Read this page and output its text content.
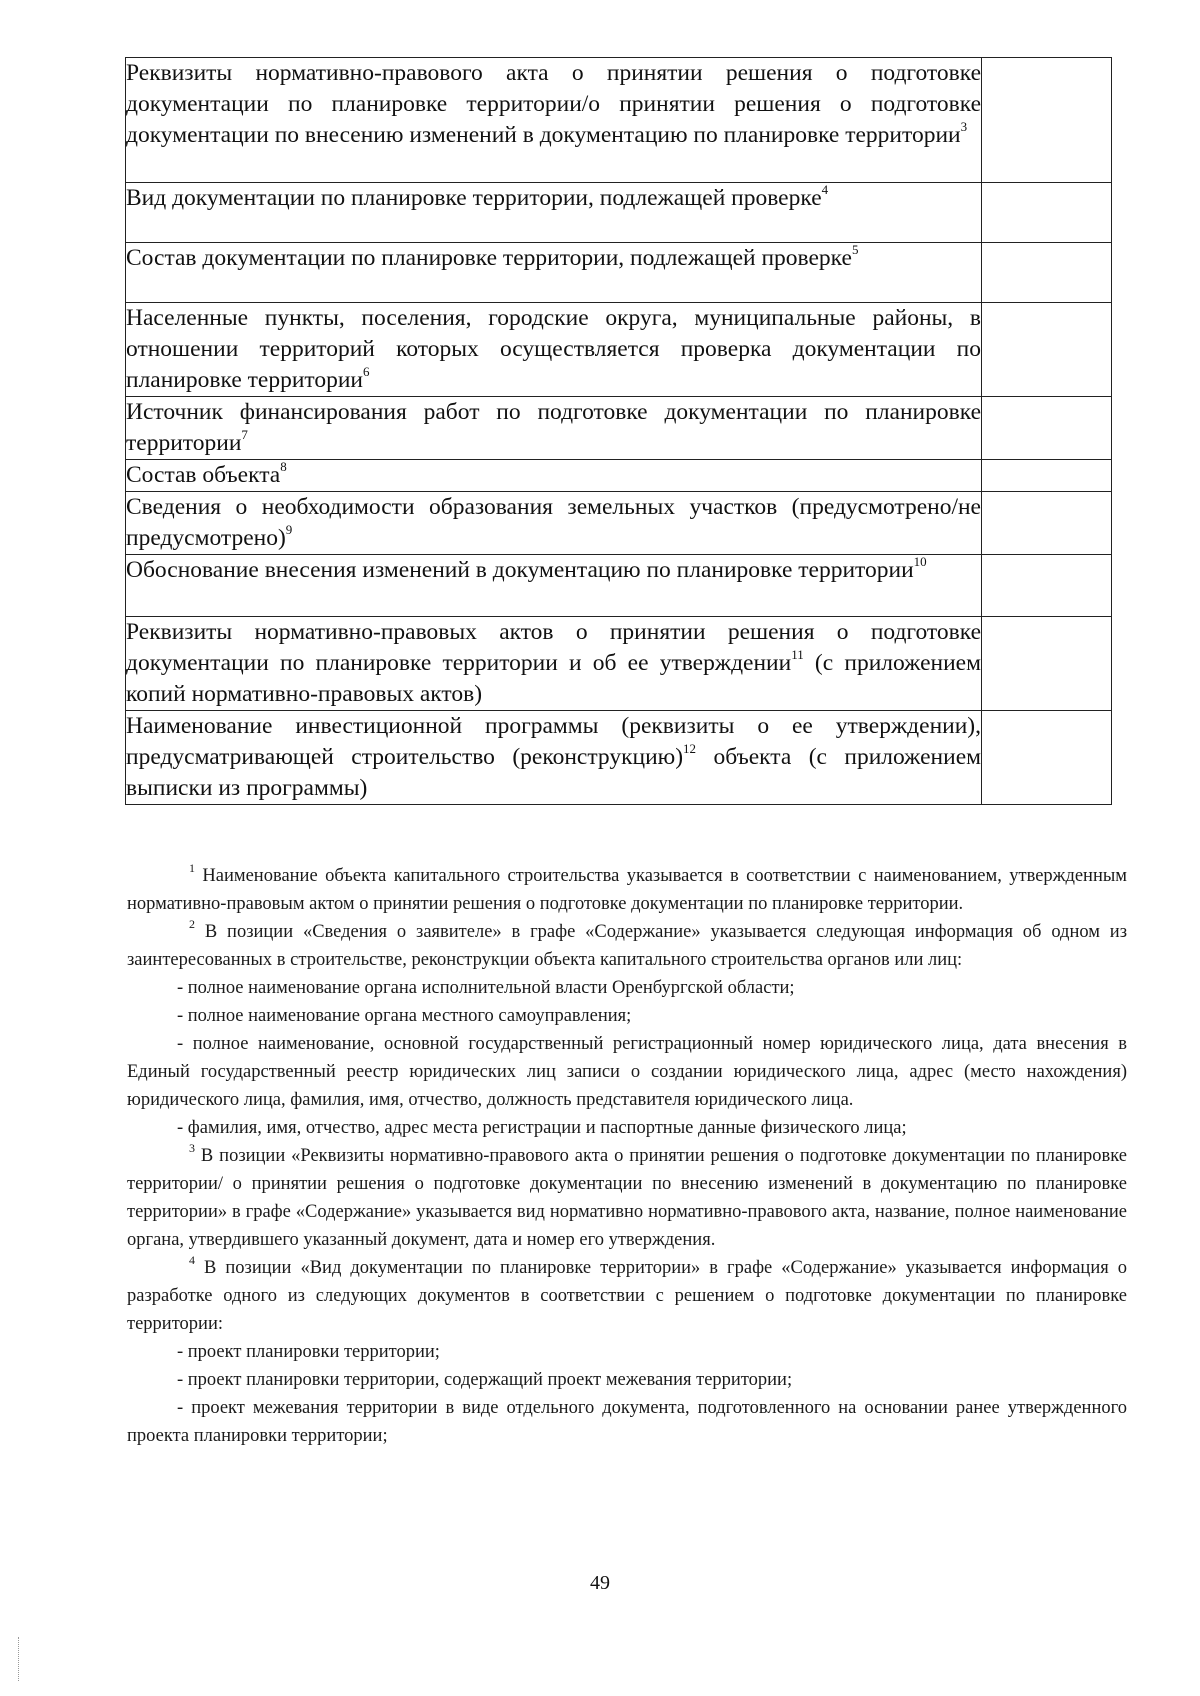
Реквизиты нормативно-правового акта о принятии решения о подготовке документации по планировке территории/о принятии решения о подготовке документации по внесению изменений в документацию по планировке территории$^3$	
Вид документации по планировке территории, подлежащей проверке$^4$	
Состав документации по планировке территории, подлежащей проверке$^5$	
Населенные пункты, поселения, городские округа, муниципальные районы, в отношении территорий которых осуществляется проверка документации по планировке территории$^6$	
Источник финансирования работ по подготовке документации по планировке территории$^7$	
Состав объекта$^8$	
Сведения о необходимости образования земельных участков (предусмотрено/не предусмотрено)$^9$	
Обоснование внесения изменений в документацию по планировке территории$^{10}$	
Реквизиты нормативно-правовых актов о принятии решения о подготовке документации по планировке территории и об ее утверждении$^{11}$ (с приложением копий нормативно-правовых актов)	
Наименование инвестиционной программы (реквизиты о ее утверждении), предусматривающей строительство (реконструкцию)$^{12}$ объекта (с приложением выписки из программы)	

$^1$ Наименование объекта капитального строительства указывается в соответствии с наименованием, утвержденным нормативно-правовым актом о принятии решения о подготовке документации по планировке территории.

$^2$ В позиции «Сведения о заявителе» в графе «Содержание» указывается следующая информация об одном из заинтересованных в строительстве, реконструкции объекта капитального строительства органов или лиц:

- полное наименование органа исполнительной власти Оренбургской области;

- полное наименование органа местного самоуправления;

- полное наименование, основной государственный регистрационный номер юридического лица, дата внесения в Единый государственный реестр юридических лиц записи о создании юридического лица, адрес (место нахождения) юридического лица, фамилия, имя, отчество, должность представителя юридического лица.

- фамилия, имя, отчество, адрес места регистрации и паспортные данные физического лица;

$^3$ В позиции «Реквизиты нормативно-правового акта о принятии решения о подготовке документации по планировке территории/ о принятии решения о подготовке документации по внесению изменений в документацию по планировке территории» в графе «Содержание» указывается вид нормативно нормативно-правового акта, название, полное наименование органа, утвердившего указанный документ, дата и номер его утверждения.

$^4$ В позиции «Вид документации по планировке территории» в графе «Содержание» указывается информация о разработке одного из следующих документов в соответствии с решением о подготовке документации по планировке территории:

- проект планировки территории;

- проект планировки территории, содержащий проект межевания территории;

- проект межевания территории в виде отдельного документа, подготовленного на основании ранее утвержденного проекта планировки территории;

49
